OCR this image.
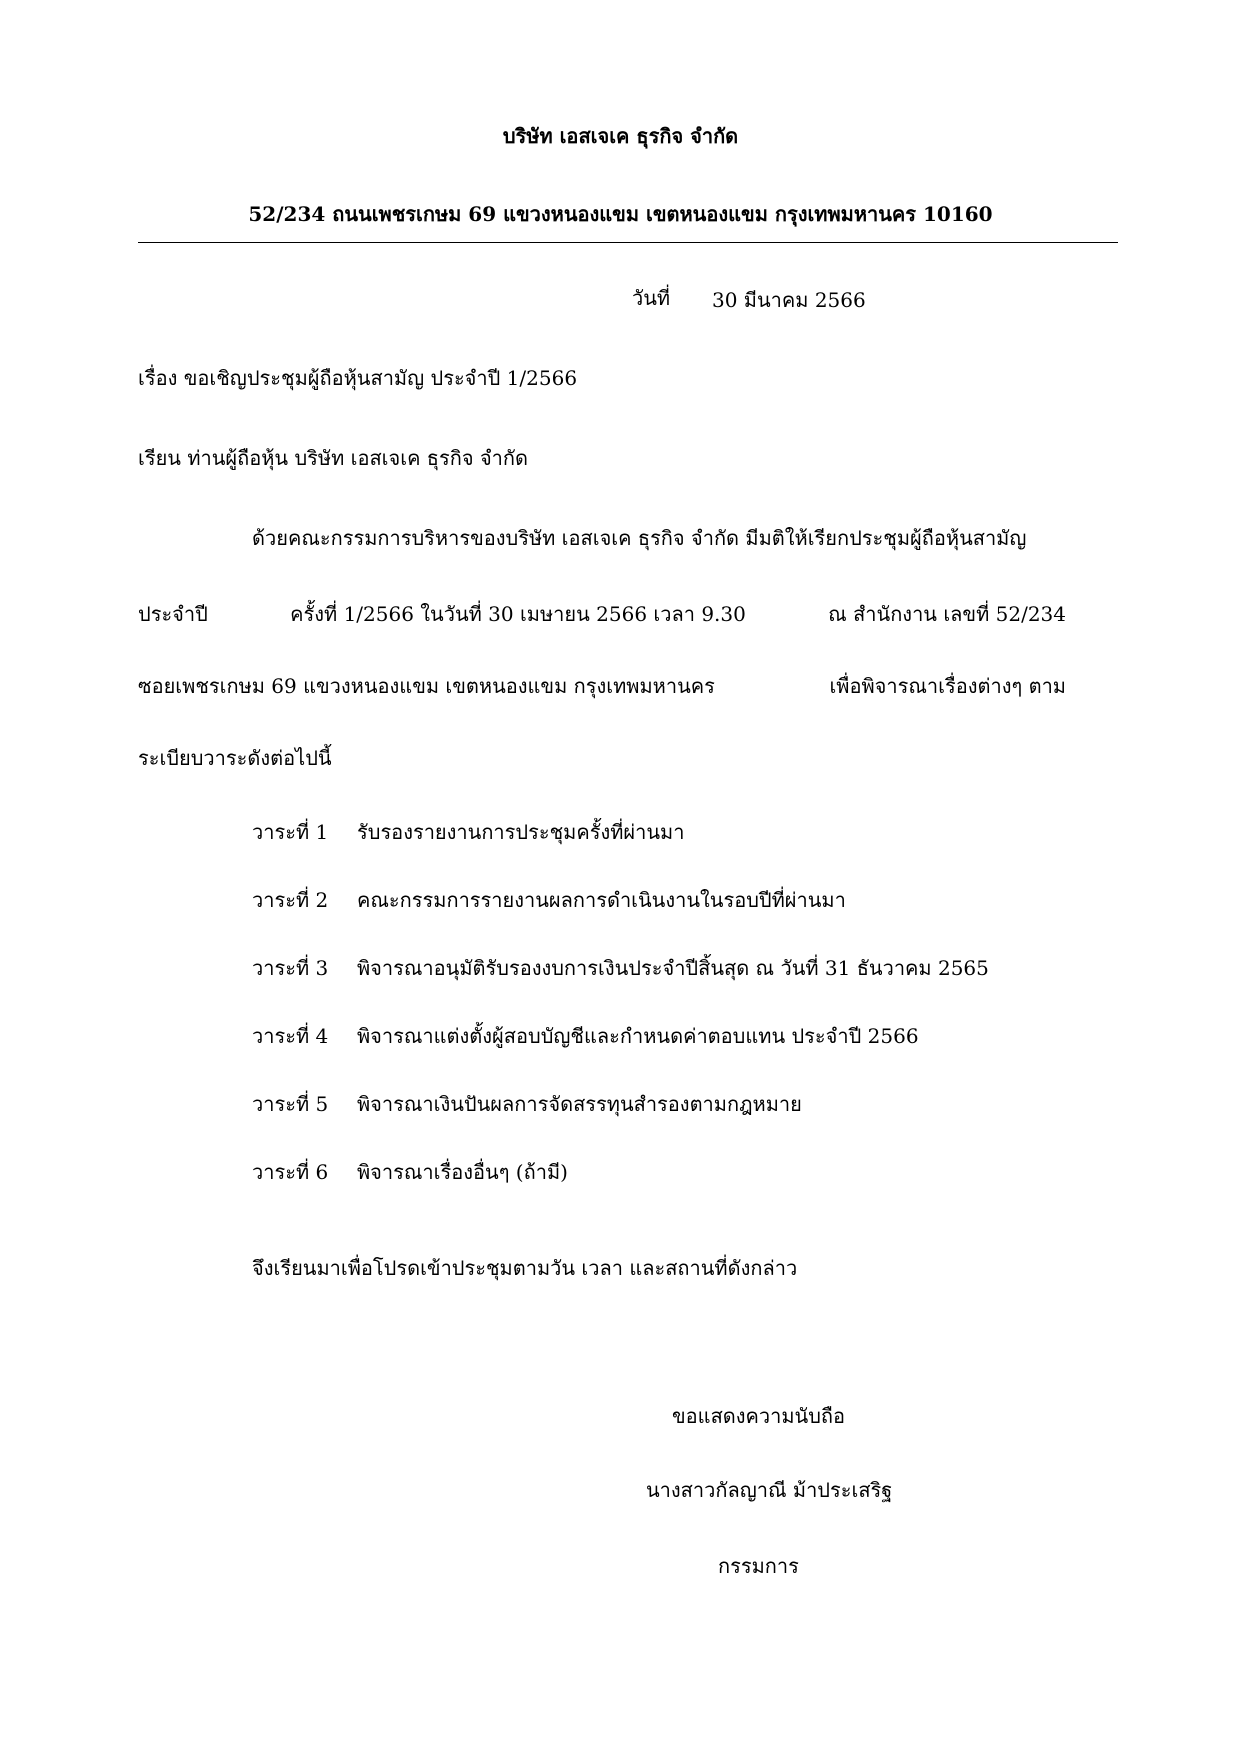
บริษัท เอสเจเค ธุรกิจ จำกัด
52/234 ถนนเพชรเกษม 69 แขวงหนองแขม เขตหนองแขม กรุงเทพมหานคร 10160
วันที่ 30 มีนาคม 2566
เรื่อง ขอเชิญประชุมผู้ถือหุ้นสามัญ ประจำปี 1/2566
เรียน ท่านผู้ถือหุ้น บริษัท เอสเจเค ธุรกิจ จำกัด
ด้วยคณะกรรมการบริหารของบริษัท เอสเจเค ธุรกิจ จำกัด มีมติให้เรียกประชุมผู้ถือหุ้นสามัญ
ประจำปี	ครั้งที่ 1/2566 ในวันที่ 30 เมษายน 2566 เวลา 9.30	ณ สำนักงาน เลขที่ 52/234
ซอยเพชรเกษม 69 แขวงหนองแขม เขตหนองแขม กรุงเทพมหานคร	เพื่อพิจารณาเรื่องต่างๆ ตาม
ระเบียบวาระดังต่อไปนี้
วาระที่ 1	รับรองรายงานการประชุมครั้งที่ผ่านมา
วาระที่ 2	คณะกรรมการรายงานผลการดำเนินงานในรอบปีที่ผ่านมา
วาระที่ 3	พิจารณาอนุมัติรับรองงบการเงินประจำปีสิ้นสุด ณ วันที่ 31 ธันวาคม 2565
วาระที่ 4	พิจารณาแต่งตั้งผู้สอบบัญชีและกำหนดค่าตอบแทน ประจำปี 2566
วาระที่ 5	พิจารณาเงินปันผลการจัดสรรทุนสำรองตามกฎหมาย
วาระที่ 6	พิจารณาเรื่องอื่นๆ (ถ้ามี)
จึงเรียนมาเพื่อโปรดเข้าประชุมตามวัน เวลา และสถานที่ดังกล่าว
ขอแสดงความนับถือ
นางสาวกัลญาณี ม้าประเสริฐ
กรรมการ
